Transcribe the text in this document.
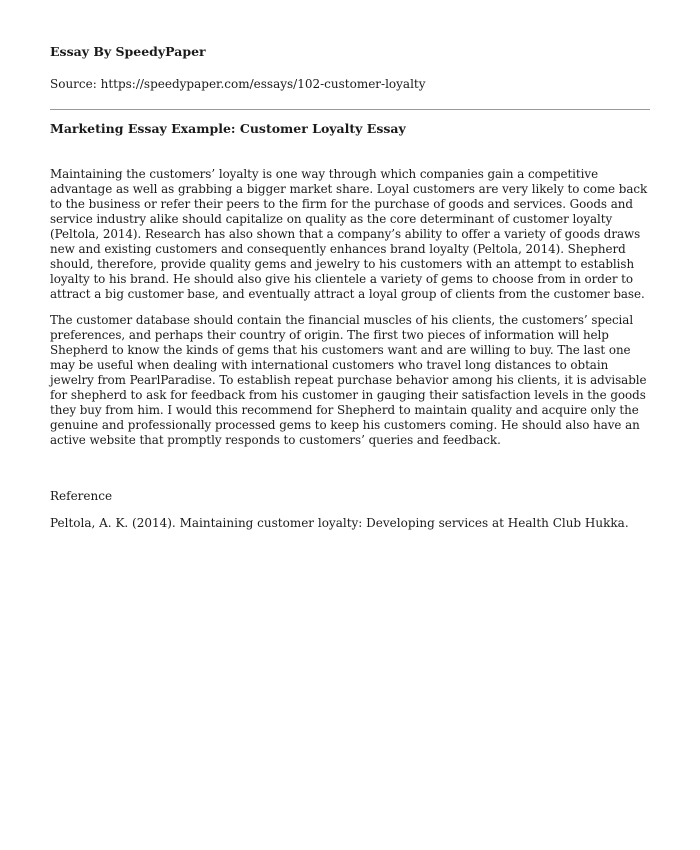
Essay By SpeedyPaper
Source: https://speedypaper.com/essays/102-customer-loyalty
Marketing Essay Example: Customer Loyalty Essay

Maintaining the customers’ loyalty is one way through which companies gain a competitive advantage as well as grabbing a bigger market share. Loyal customers are very likely to come back to the business or refer their peers to the firm for the purchase of goods and services. Goods and service industry alike should capitalize on quality as the core determinant of customer loyalty (Peltola, 2014). Research has also shown that a company’s ability to offer a variety of goods draws new and existing customers and consequently enhances brand loyalty (Peltola, 2014). Shepherd should, therefore, provide quality gems and jewelry to his customers with an attempt to establish loyalty to his brand. He should also give his clientele a variety of gems to choose from in order to attract a big customer base, and eventually attract a loyal group of clients from the customer base.

The customer database should contain the financial muscles of his clients, the customers’ special preferences, and perhaps their country of origin. The first two pieces of information will help Shepherd to know the kinds of gems that his customers want and are willing to buy. The last one may be useful when dealing with international customers who travel long distances to obtain jewelry from PearlParadise. To establish repeat purchase behavior among his clients, it is advisable for shepherd to ask for feedback from his customer in gauging their satisfaction levels in the goods they buy from him. I would this recommend for Shepherd to maintain quality and acquire only the genuine and professionally processed gems to keep his customers coming. He should also have an active website that promptly responds to customers’ queries and feedback.

Reference
Peltola, A. K. (2014). Maintaining customer loyalty: Developing services at Health Club Hukka.
